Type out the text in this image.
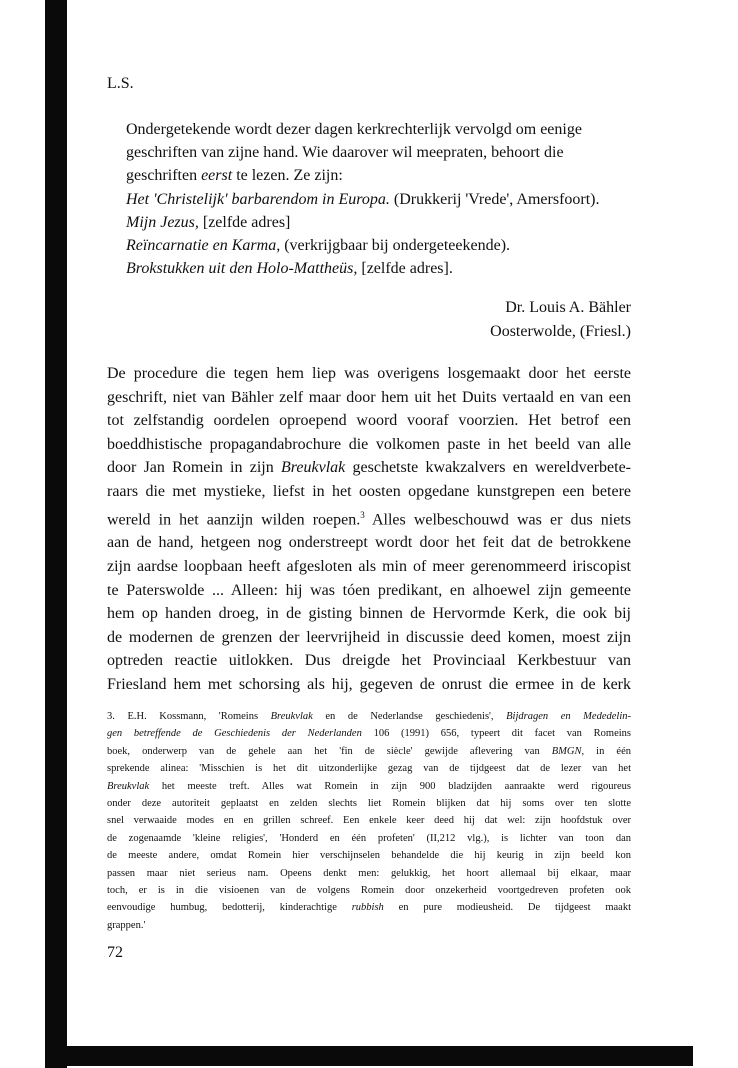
L.S.
Ondergetekende wordt dezer dagen kerkrechterlijk vervolgd om eenige
geschriften van zijne hand. Wie daarover wil meepraten, behoort die
geschriften eerst te lezen. Ze zijn:
Het 'Christelijk' barbarendom in Europa. (Drukkerij 'Vrede', Amersfoort).
Mijn Jezus, [zelfde adres]
Reïncarnatie en Karma, (verkrijgbaar bij ondergeteekende).
Brokstukken uit den Holo-Mattheüs, [zelfde adres].
Dr. Louis A. Bähler
Oosterwolde, (Friesl.)
De procedure die tegen hem liep was overigens losgemaakt door het eerste
geschrift, niet van Bähler zelf maar door hem uit het Duits vertaald en van een
tot zelfstandig oordelen oproepend woord vooraf voorzien. Het betrof een
boeddhistische propagandabrochure die volkomen paste in het beeld van alle
door Jan Romein in zijn Breukvlak geschetste kwakzalvers en wereldverbete-
raars die met mystieke, liefst in het oosten opgedane kunstgrepen een betere
wereld in het aanzijn wilden roepen.$^3$ Alles welbeschouwd was er dus niets
aan de hand, hetgeen nog onderstreept wordt door het feit dat de betrokkene
zijn aardse loopbaan heeft afgesloten als min of meer gerenommeerd iriscopist
te Paterswolde ... Alleen: hij was tóen predikant, en alhoewel zijn gemeente
hem op handen droeg, in de gisting binnen de Hervormde Kerk, die ook bij
de modernen de grenzen der leervrijheid in discussie deed komen, moest zijn
optreden reactie uitlokken. Dus dreigde het Provinciaal Kerkbestuur van
Friesland hem met schorsing als hij, gegeven de onrust die ermee in de kerk
3. E.H. Kossmann, 'Romeins Breukvlak en de Nederlandse geschiedenis', Bijdragen en Mededelin-
gen betreffende de Geschiedenis der Nederlanden 106 (1991) 656, typeert dit facet van Romeins
boek, onderwerp van de gehele aan het 'fin de siècle' gewijde aflevering van BMGN, in één
sprekende alinea: 'Misschien is het dit uitzonderlijke gezag van de tijdgeest dat de lezer van het
Breukvlak het meeste treft. Alles wat Romein in zijn 900 bladzijden aanraakte werd rigoureus
onder deze autoriteit geplaatst en zelden slechts liet Romein blijken dat hij soms over ten slotte
snel verwaaide modes en en grillen schreef. Een enkele keer deed hij dat wel: zijn hoofdstuk over
de zogenaamde 'kleine religies', 'Honderd en één profeten' (II,212 vlg.), is lichter van toon dan
de meeste andere, omdat Romein hier verschijnselen behandelde die hij keurig in zijn beeld kon
passen maar niet serieus nam. Opeens denkt men: gelukkig, het hoort allemaal bij elkaar, maar
toch, er is in die visioenen van de volgens Romein door onzekerheid voortgedreven profeten ook
eenvoudige humbug, bedotterij, kinderachtige rubbish en pure modieusheid. De tijdgeest maakt
grappen.'
72
